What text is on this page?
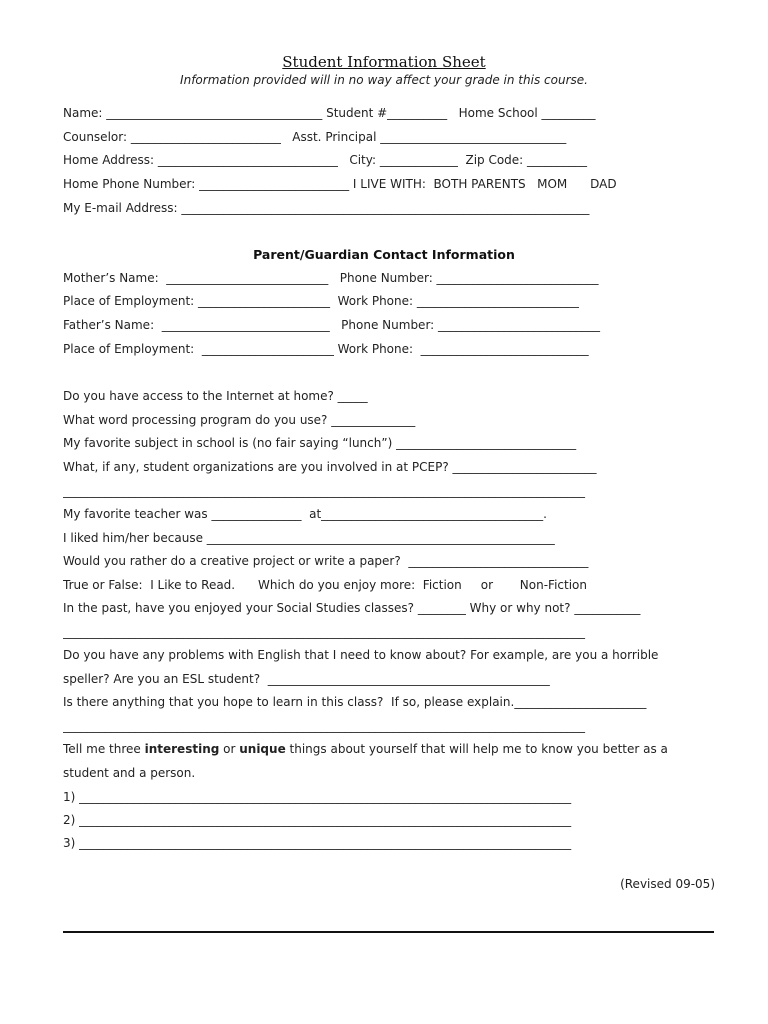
Student Information Sheet
Information provided will in no way affect your grade in this course.
Name: ____________________________________ Student #__________   Home School _________
Counselor: _________________________   Asst. Principal _______________________________
Home Address: ______________________________   City: _____________  Zip Code: __________
Home Phone Number: _________________________ I LIVE WITH:  BOTH PARENTS   MOM      DAD
My E-mail Address: ____________________________________________________________________
Parent/Guardian Contact Information
Mother’s Name:  ___________________________   Phone Number: ___________________________
Place of Employment: ______________________  Work Phone: ___________________________
Father’s Name:  ____________________________   Phone Number: ___________________________
Place of Employment:  ______________________ Work Phone:  ____________________________
Do you have access to the Internet at home? _____
What word processing program do you use? ______________
My favorite subject in school is (no fair saying “lunch”) ______________________________
What, if any, student organizations are you involved in at PCEP? ________________________
_______________________________________________________________________________________
My favorite teacher was _______________  at_____________________________________.
I liked him/her because __________________________________________________________
Would you rather do a creative project or write a paper?  ______________________________
True or False:  I Like to Read.      Which do you enjoy more:  Fiction     or       Non-Fiction
In the past, have you enjoyed your Social Studies classes? ________ Why or why not? ___________
_______________________________________________________________________________________
Do you have any problems with English that I need to know about? For example, are you a horrible
speller? Are you an ESL student?  _______________________________________________
Is there anything that you hope to learn in this class?  If so, please explain.______________________
_______________________________________________________________________________________
Tell me three interesting or unique things about yourself that will help me to know you better as a
student and a person.
1) __________________________________________________________________________________
2) __________________________________________________________________________________
3) __________________________________________________________________________________
(Revised 09-05)
